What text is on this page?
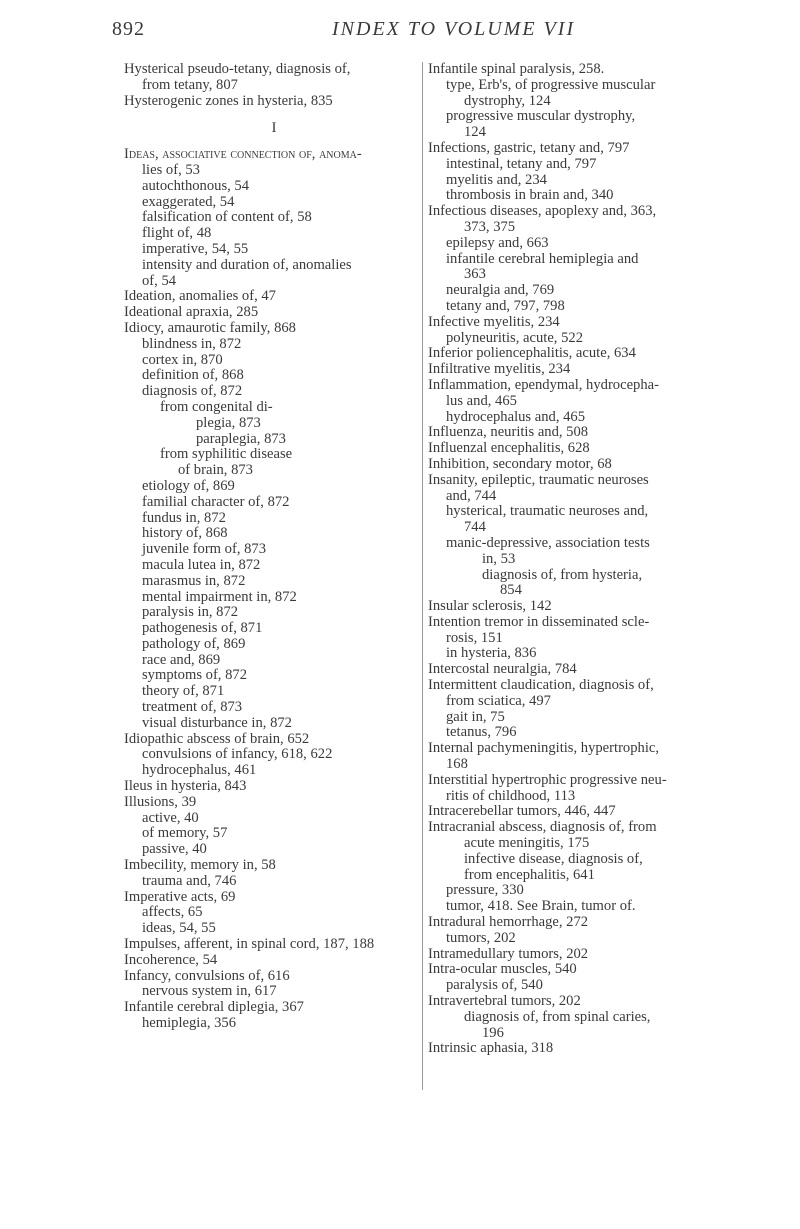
892	INDEX TO VOLUME VII
Hysterical pseudo-tetany, diagnosis of,
from tetany, 807
Hysterogenic zones in hysteria, 835
I
Ideas, associative connection of, anoma-
lies of, 53
autochthonous, 54
exaggerated, 54
falsification of content of, 58
flight of, 48
imperative, 54, 55
intensity and duration of, anomalies
of, 54
Ideation, anomalies of, 47
Ideational apraxia, 285
Idiocy, amaurotic family, 868
blindness in, 872
cortex in, 870
definition of, 868
diagnosis of, 872
from congenital di-
plegia, 873
paraplegia, 873
from syphilitic disease
of brain, 873
etiology of, 869
familial character of, 872
fundus in, 872
history of, 868
juvenile form of, 873
macula lutea in, 872
marasmus in, 872
mental impairment in, 872
paralysis in, 872
pathogenesis of, 871
pathology of, 869
race and, 869
symptoms of, 872
theory of, 871
treatment of, 873
visual disturbance in, 872
Idiopathic abscess of brain, 652
convulsions of infancy, 618, 622
hydrocephalus, 461
Ileus in hysteria, 843
Illusions, 39
active, 40
of memory, 57
passive, 40
Imbecility, memory in, 58
trauma and, 746
Imperative acts, 69
affects, 65
ideas, 54, 55
Impulses, afferent, in spinal cord, 187, 188
Incoherence, 54
Infancy, convulsions of, 616
nervous system in, 617
Infantile cerebral diplegia, 367
hemiplegia, 356
Infantile spinal paralysis, 258.
type, Erb's, of progressive muscular
dystrophy, 124
progressive muscular dystrophy,
124
Infections, gastric, tetany and, 797
intestinal, tetany and, 797
myelitis and, 234
thrombosis in brain and, 340
Infectious diseases, apoplexy and, 363,
373, 375
epilepsy and, 663
infantile cerebral hemiplegia and
363
neuralgia and, 769
tetany and, 797, 798
Infective myelitis, 234
polyneuritis, acute, 522
Inferior poliencephalitis, acute, 634
Infiltrative myelitis, 234
Inflammation, ependymal, hydrocepha-
lus and, 465
hydrocephalus and, 465
Influenza, neuritis and, 508
Influenzal encephalitis, 628
Inhibition, secondary motor, 68
Insanity, epileptic, traumatic neuroses
and, 744
hysterical, traumatic neuroses and,
744
manic-depressive, association tests
in, 53
diagnosis of, from hysteria,
854
Insular sclerosis, 142
Intention tremor in disseminated scle-
rosis, 151
in hysteria, 836
Intercostal neuralgia, 784
Intermittent claudication, diagnosis of,
from sciatica, 497
gait in, 75
tetanus, 796
Internal pachymeningitis, hypertrophic,
168
Interstitial hypertrophic progressive neu-
ritis of childhood, 113
Intracerebellar tumors, 446, 447
Intracranial abscess, diagnosis of, from
acute meningitis, 175
infective disease, diagnosis of,
from encephalitis, 641
pressure, 330
tumor, 418. See Brain, tumor of.
Intradural hemorrhage, 272
tumors, 202
Intramedullary tumors, 202
Intra-ocular muscles, 540
paralysis of, 540
Intravertebral tumors, 202
diagnosis of, from spinal caries,
196
Intrinsic aphasia, 318
